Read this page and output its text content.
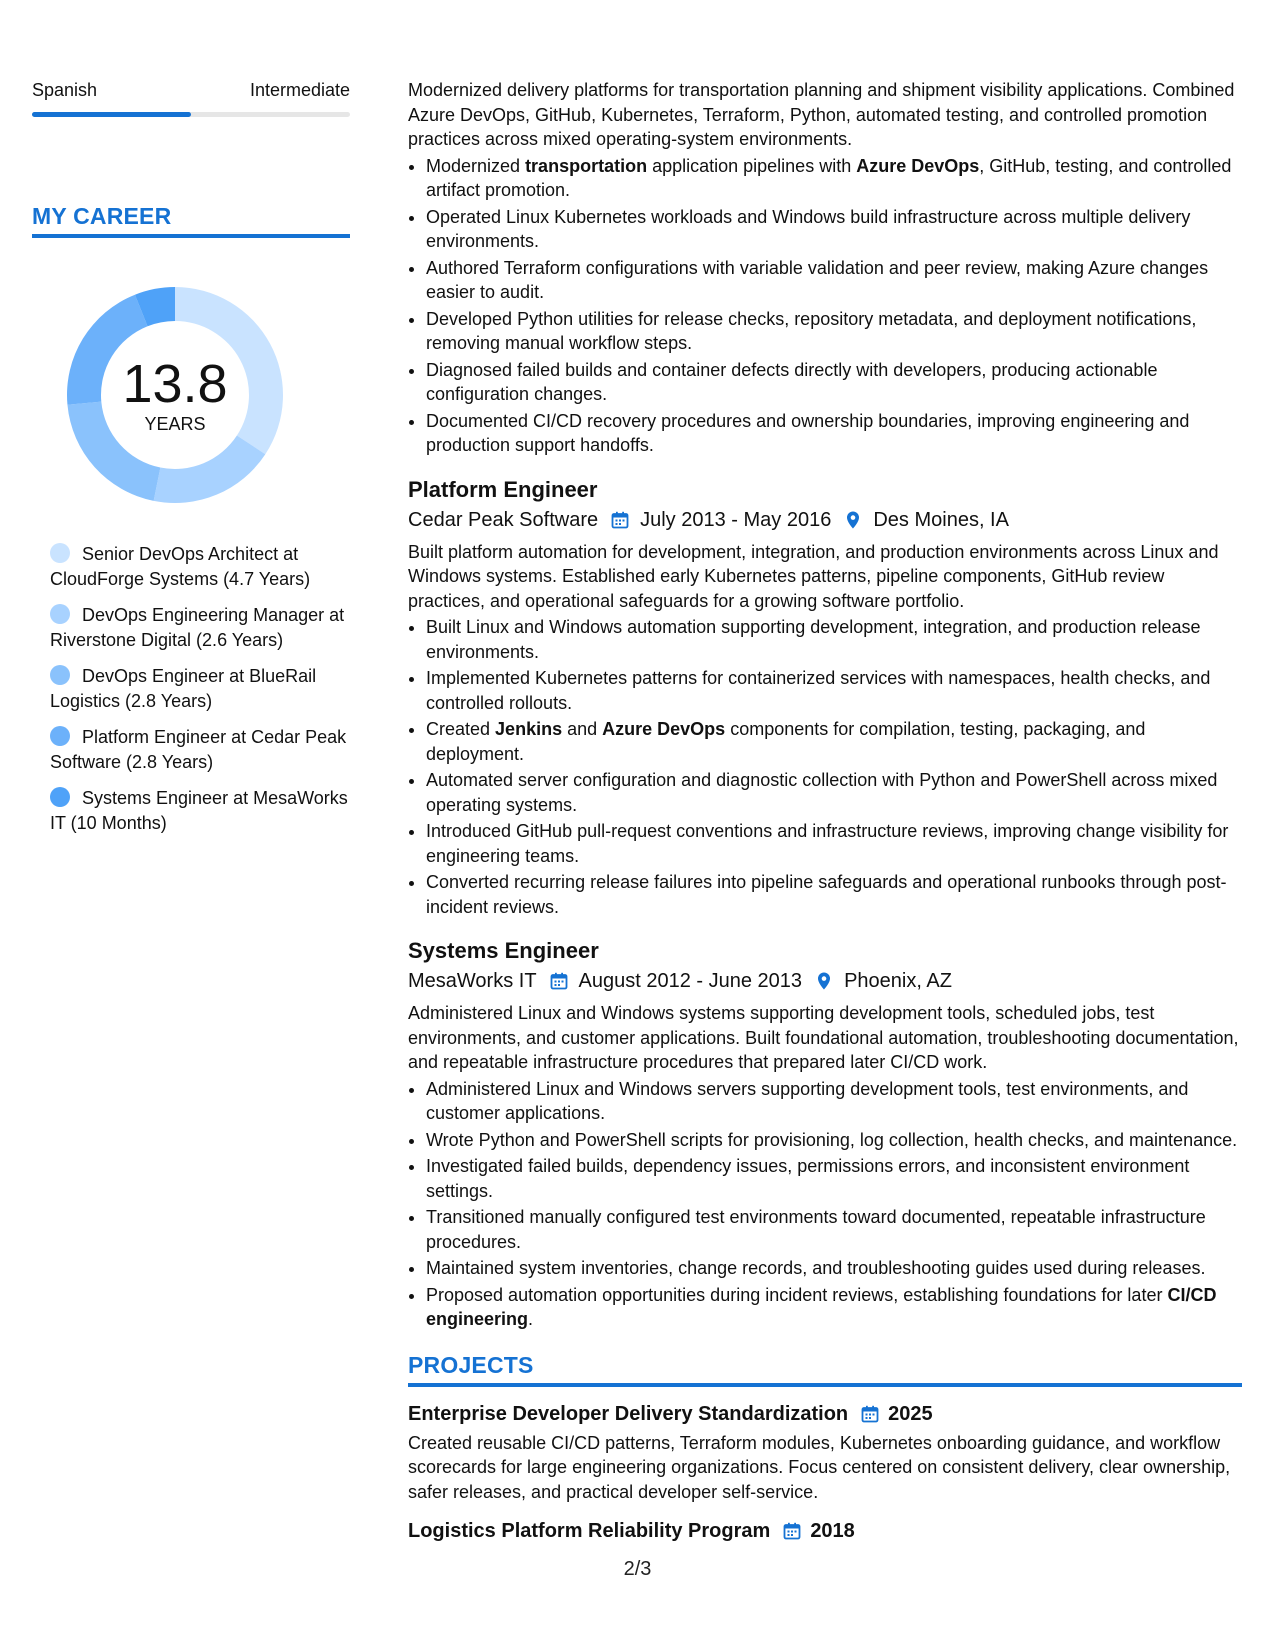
Spanish	Intermediate
MY CAREER
13.8
YEARS
Senior DevOps Architect at CloudForge Systems (4.7 Years)
DevOps Engineering Manager at Riverstone Digital (2.6 Years)
DevOps Engineer at BlueRail Logistics (2.8 Years)
Platform Engineer at Cedar Peak Software (2.8 Years)
Systems Engineer at MesaWorks IT (10 Months)

Modernized delivery platforms for transportation planning and shipment visibility applications. Combined Azure DevOps, GitHub, Kubernetes, Terraform, Python, automated testing, and controlled promotion practices across mixed operating-system environments.

• Modernized transportation application pipelines with Azure DevOps, GitHub, testing, and controlled artifact promotion.
• Operated Linux Kubernetes workloads and Windows build infrastructure across multiple delivery environments.
• Authored Terraform configurations with variable validation and peer review, making Azure changes easier to audit.
• Developed Python utilities for release checks, repository metadata, and deployment notifications, removing manual workflow steps.
• Diagnosed failed builds and container defects directly with developers, producing actionable configuration changes.
• Documented CI/CD recovery procedures and ownership boundaries, improving engineering and production support handoffs.
Platform Engineer
Cedar Peak Software July 2013 - May 2016 Des Moines, IA

Built platform automation for development, integration, and production environments across Linux and Windows systems. Established early Kubernetes patterns, pipeline components, GitHub review practices, and operational safeguards for a growing software portfolio.

• Built Linux and Windows automation supporting development, integration, and production release environments.
• Implemented Kubernetes patterns for containerized services with namespaces, health checks, and controlled rollouts.
• Created Jenkins and Azure DevOps components for compilation, testing, packaging, and deployment.
• Automated server configuration and diagnostic collection with Python and PowerShell across mixed operating systems.
• Introduced GitHub pull-request conventions and infrastructure reviews, improving change visibility for engineering teams.
• Converted recurring release failures into pipeline safeguards and operational runbooks through post-incident reviews.
Systems Engineer
MesaWorks IT August 2012 - June 2013 Phoenix, AZ

Administered Linux and Windows systems supporting development tools, scheduled jobs, test environments, and customer applications. Built foundational automation, troubleshooting documentation, and repeatable infrastructure procedures that prepared later CI/CD work.

• Administered Linux and Windows servers supporting development tools, test environments, and customer applications.
• Wrote Python and PowerShell scripts for provisioning, log collection, health checks, and maintenance.
• Investigated failed builds, dependency issues, permissions errors, and inconsistent environment settings.
• Transitioned manually configured test environments toward documented, repeatable infrastructure procedures.
• Maintained system inventories, change records, and troubleshooting guides used during releases.
• Proposed automation opportunities during incident reviews, establishing foundations for later CI/CD engineering.
PROJECTS
Enterprise Developer Delivery Standardization 2025
Created reusable CI/CD patterns, Terraform modules, Kubernetes onboarding guidance, and workflow scorecards for large engineering organizations. Focus centered on consistent delivery, clear ownership, safer releases, and practical developer self-service.
Logistics Platform Reliability Program 2018
2/3
